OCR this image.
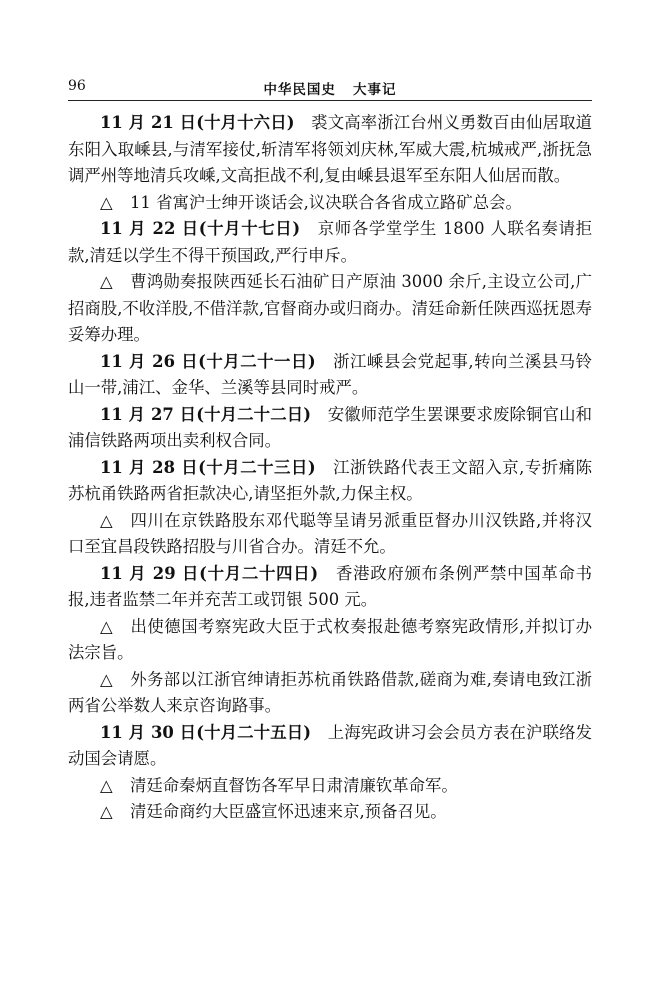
96	中华民国史   大事记

11 月 21 日(十月十六日)　 裘文高率浙江台州义勇数百由仙居取道东阳入取嵊县,与清军接仗,斩清军将领刘庆林,军威大震,杭城戒严,浙抚急调严州等地清兵攻嵊,文高拒战不利,复由嵊县退军至东阳人仙居而散。

△ 11 省寓沪士绅开谈话会,议决联合各省成立路矿总会。

11 月 22 日(十月十七日)　 京师各学堂学生 1800 人联名奏请拒款,清廷以学生不得干预国政,严行申斥。

△ 曹鸿勋奏报陕西延长石油矿日产原油 3000 余斤,主设立公司,广招商股,不收洋股,不借洋款,官督商办或归商办。清廷命新任陕西巡抚恩寿妥筹办理。

11 月 26 日(十月二十一日)　 浙江嵊县会党起事,转向兰溪县马铃山一带,浦江、金华、兰溪等县同时戒严。

11 月 27 日(十月二十二日)　 安徽师范学生罢课要求废除铜官山和浦信铁路两项出卖利权合同。

11 月 28 日(十月二十三日)　 江浙铁路代表王文韶入京,专折痛陈苏杭甬铁路两省拒款决心,请坚拒外款,力保主权。

△ 四川在京铁路股东邓代聪等呈请另派重臣督办川汉铁路,并将汉口至宜昌段铁路招股与川省合办。清廷不允。

11 月 29 日(十月二十四日)　 香港政府颁布条例严禁中国革命书报,违者监禁二年并充苦工或罚银 500 元。

△ 出使德国考察宪政大臣于式枚奏报赴德考察宪政情形,并拟订办法宗旨。

△ 外务部以江浙官绅请拒苏杭甬铁路借款,磋商为难,奏请电致江浙两省公举数人来京咨询路事。

11 月 30 日(十月二十五日)　 上海宪政讲习会会员方表在沪联络发动国会请愿。

△ 清廷命秦炳直督饬各军早日肃清廉钦革命军。

△ 清廷命商约大臣盛宣怀迅速来京,预备召见。
